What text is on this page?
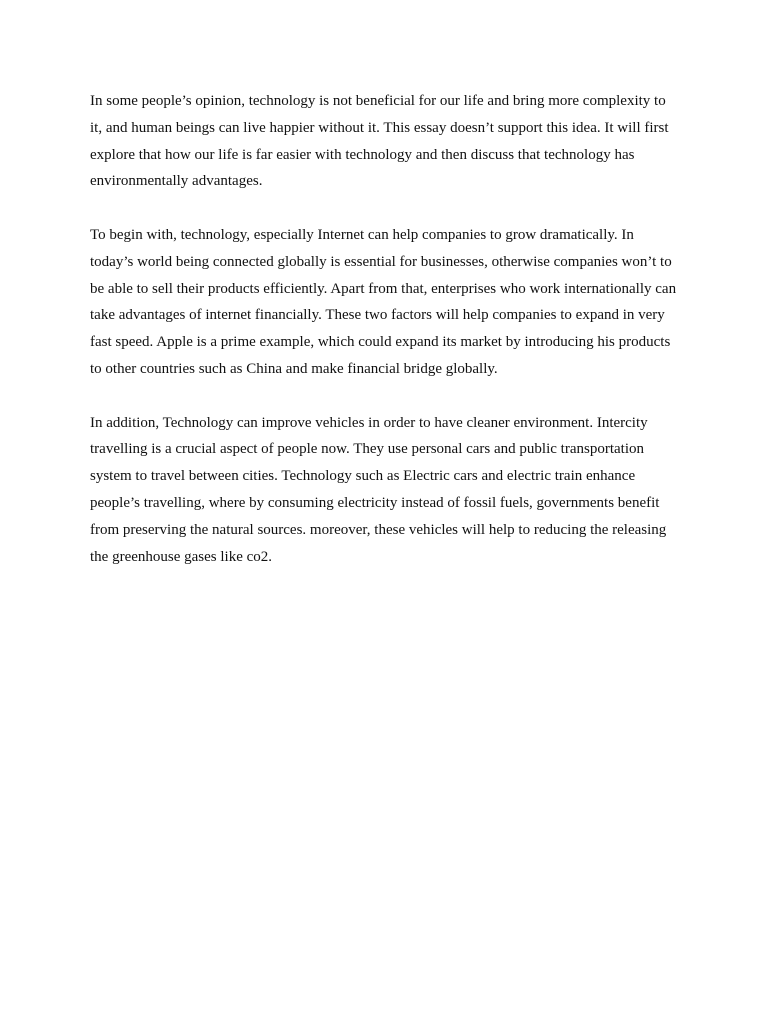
In some people’s opinion, technology is not beneficial for our life and bring more complexity to it, and human beings can live happier without it. This essay doesn’t support this idea. It will first explore that how our life is far easier with technology and then discuss that technology has environmentally advantages.

To begin with, technology, especially Internet can help companies to grow dramatically. In today’s world being connected globally is essential for businesses, otherwise companies won’t to be able to sell their products efficiently. Apart from that, enterprises who work internationally can take advantages of internet financially. These two factors will help companies to expand in very fast speed. Apple is a prime example, which could expand its market by introducing his products to other countries such as China and make financial bridge globally.

In addition, Technology can improve vehicles in order to have cleaner environment. Intercity travelling is a crucial aspect of people now. They use personal cars and public transportation system to travel between cities. Technology such as Electric cars and electric train enhance people’s travelling, where by consuming electricity instead of fossil fuels, governments benefit from preserving the natural sources. moreover, these vehicles will help to reducing the releasing the greenhouse gases like co2.
